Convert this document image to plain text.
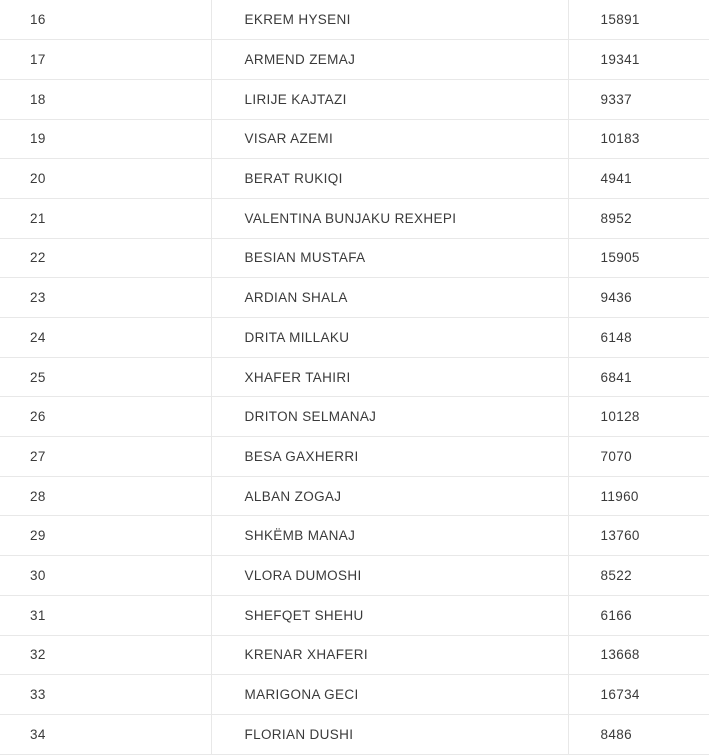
16	EKREM HYSENI	15891
17	ARMEND ZEMAJ	19341
18	LIRIJE KAJTAZI	9337
19	VISAR AZEMI	10183
20	BERAT RUKIQI	4941
21	VALENTINA BUNJAKU REXHEPI	8952
22	BESIAN MUSTAFA	15905
23	ARDIAN SHALA	9436
24	DRITA MILLAKU	6148
25	XHAFER TAHIRI	6841
26	DRITON SELMANAJ	10128
27	BESA GAXHERRI	7070
28	ALBAN ZOGAJ	11960
29	SHKËMB MANAJ	13760
30	VLORA DUMOSHI	8522
31	SHEFQET SHEHU	6166
32	KRENAR XHAFERI	13668
33	MARIGONA GECI	16734
34	FLORIAN DUSHI	8486
